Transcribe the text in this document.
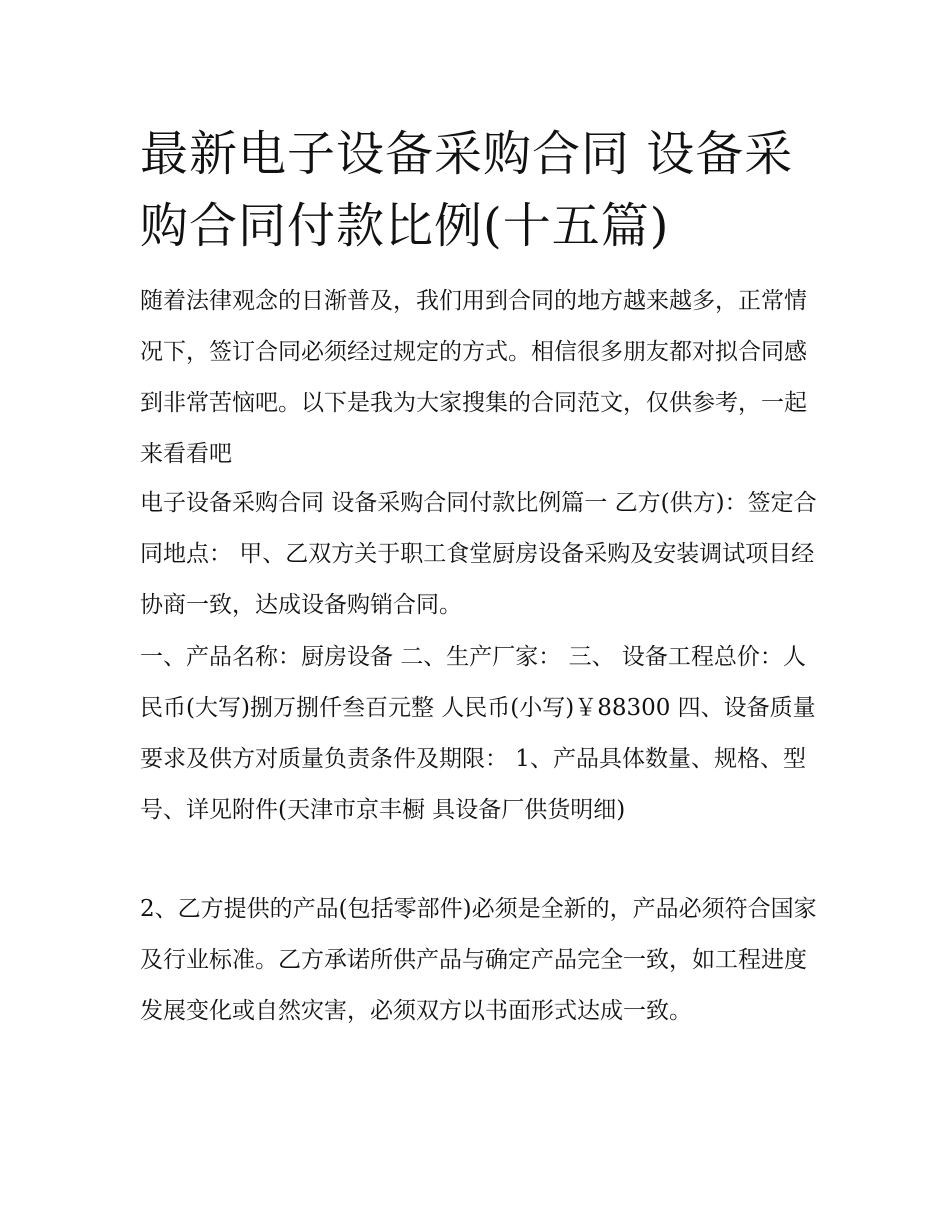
最新电子设备采购合同 设备采购合同付款比例(十五篇)

随着法律观念的日渐普及，我们用到合同的地方越来越多，正常情况下，签订合同必须经过规定的方式。相信很多朋友都对拟合同感到非常苦恼吧。以下是我为大家搜集的合同范文，仅供参考，一起来看看吧

电子设备采购合同 设备采购合同付款比例篇一 乙方(供方)：签定合同地点： 甲、乙双方关于职工食堂厨房设备采购及安装调试项目经协商一致，达成设备购销合同。

一、产品名称：厨房设备 二、生产厂家： 三、 设备工程总价：人民币(大写)捌万捌仟叁百元整 人民币(小写)￥88300 四、设备质量要求及供方对质量负责条件及期限： 1、产品具体数量、规格、型号、详见附件(天津市京丰橱 具设备厂供货明细)

2、乙方提供的产品(包括零部件)必须是全新的，产品必须符合国家及行业标准。乙方承诺所供产品与确定产品完全一致，如工程进度发展变化或自然灾害，必须双方以书面形式达成一致。
